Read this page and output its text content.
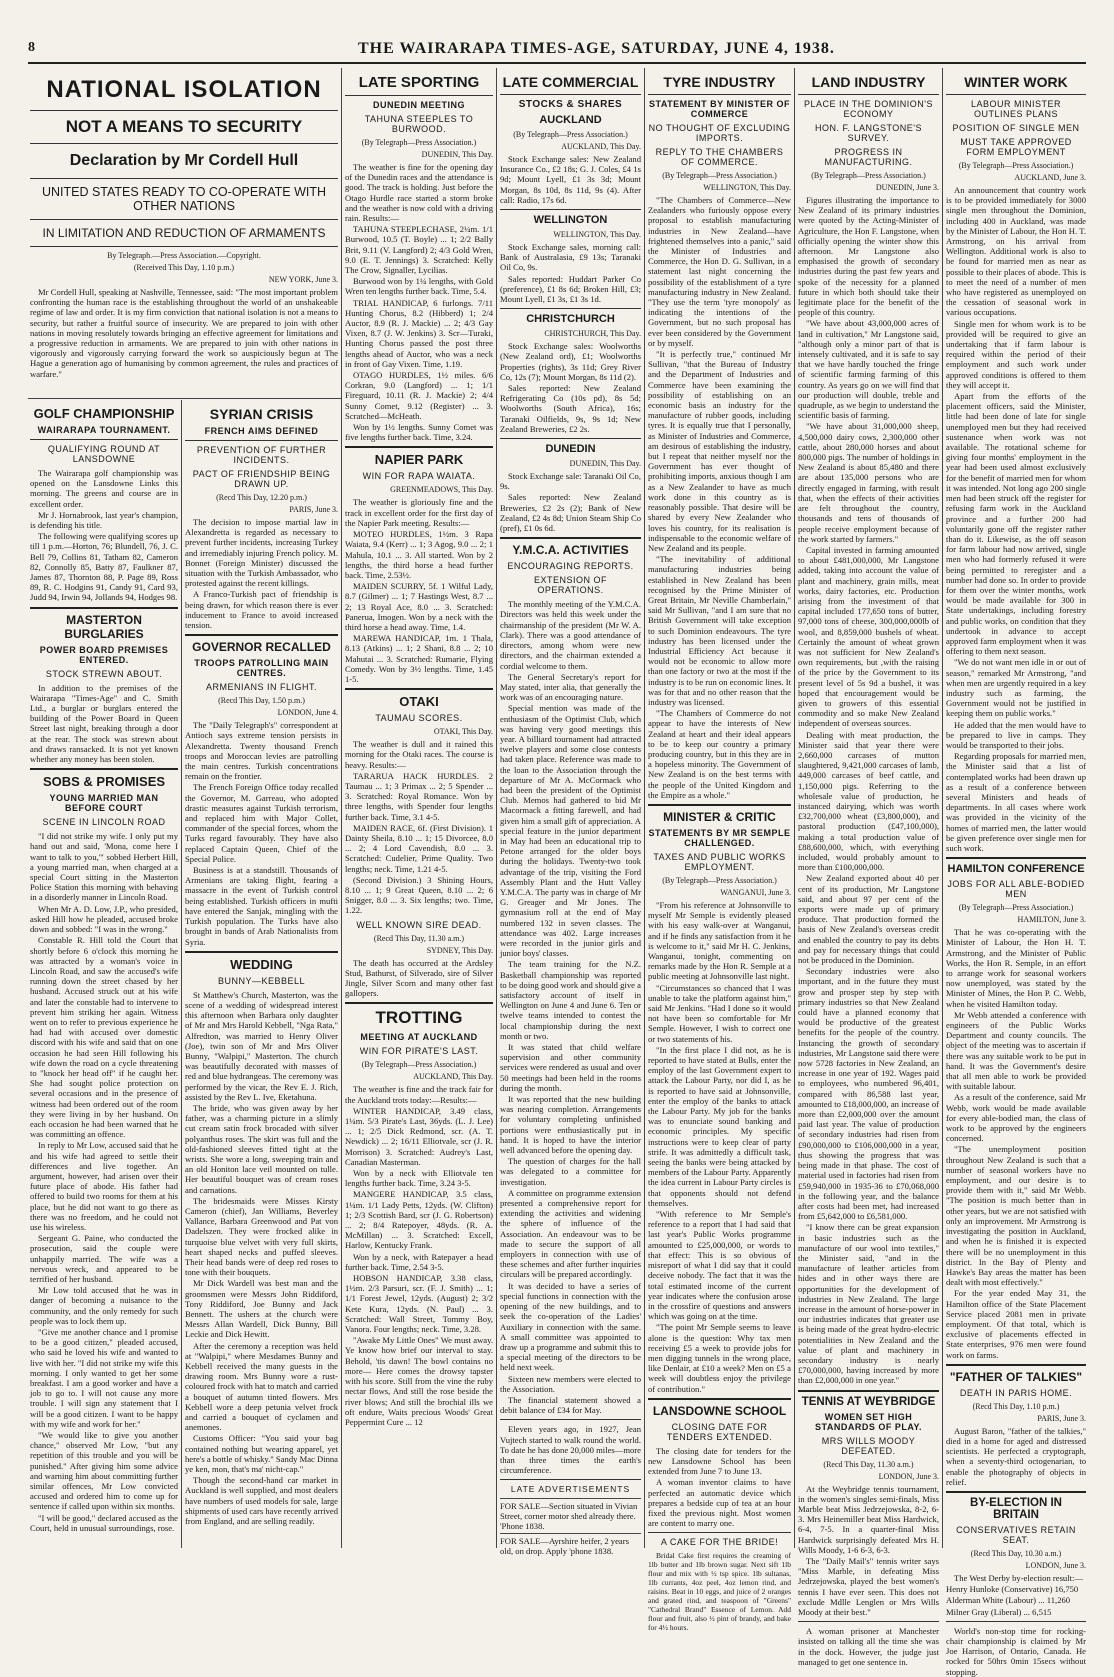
8	THE WAIRARAPA TIMES-AGE, SATURDAY, JUNE 4, 1938.
NATIONAL ISOLATION
NOT A MEANS TO SECURITY
Declaration by Mr Cordell Hull
UNITED STATES READY TO CO-OPERATE WITH OTHER NATIONS
IN LIMITATION AND REDUCTION OF ARMAMENTS
By Telegraph.—Press Association.—Copyright.
(Received This Day, 1.10 p.m.)
NEW YORK, June 3.

Mr Cordell Hull, speaking at Nashville, Tennessee, said: "The most important problem confronting the human race is the establishing throughout the world of an unshakeable regime of law and order. It is my firm conviction that national isolation is not a means to security, but rather a fruitful source of insecurity. We are prepared to join with other nations in moving resolutely towards bringing an effective agreement for limitations and a progressive reduction in armaments. We are prepared to join with other nations in vigorously and vigorously carrying forward the work so auspiciously begun at The Hague a generation ago of humanising by common agreement, the rules and practices of warfare."

GOLF CHAMPIONSHIP
WAIRARAPA TOURNAMENT.
QUALIFYING ROUND AT LANSDOWNE

The Wairarapa golf championship was opened on the Lansdowne Links this morning. The greens and course are in excellent order.

Mr J. Hornabrook, last year's champion, is defending his title.

The following were qualifying scores up till 1 p.m.—Horton, 76; Blundell, 76, J. C. Bell 79, Collins 81, Tatham 82, Cameron 82, Connolly 85, Batty 87, Faulkner 87, James 87, Thornton 88, P. Page 89, Ross 89, R. C. Hodgins 91, Candy 91, Card 93, Judd 94, Irwin 94, Jollands 94, Hodges 98.

MASTERTON BURGLARIES
POWER BOARD PREMISES ENTERED.
STOCK STREWN ABOUT.

In addition to the premises of the Wairarapa "Times-Age" and C. Smith Ltd., a burglar or burglars entered the building of the Power Board in Queen Street last night, breaking through a door at the rear. The stock was strewn about and draws ransacked. It is not yet known whether any money has been stolen.

SOBS & PROMISES
YOUNG MARRIED MAN BEFORE COURT
SCENE IN LINCOLN ROAD

"I did not strike my wife. I only put my hand out and said, 'Mona, come here I want to talk to you,'" sobbed Herbert Hill, a young married man, when charged at a special Court sitting in the Masterton Police Station this morning with behaving in a disorderly manner in Lincoln Road.

When Mr A. D. Low, J.P., who presided, asked Hill how he pleaded, accused broke down and sobbed: "I was in the wrong."

Constable R. Hill told the Court that shortly before 6 o'clock this morning he was attracted by a woman's voice in Lincoln Road, and saw the accused's wife running down the street chased by her husband. Accused struck out at his wife and later the constable had to intervene to prevent him striking her again. Witness went on to refer to previous experience he had had with accused over domestic discord with his wife and said that on one occasion he had seen Hill following his wife down the road on a cycle threatening to "knock her head off" if he caught her. She had sought police protection on several occasions and in the presence of witness had been ordered out of the room they were living in by her husband. On each occasion he had been warned that he was committing an offence.

In reply to Mr Low, accused said that he and his wife had agreed to settle their differences and live together. An argument, however, had arisen over their future place of abode. His father had offered to build two rooms for them at his place, but he did not want to go there as there was no freedom, and he could not use his wireless.

Sergeant G. Paine, who conducted the prosecution, said the couple were unhappily married. The wife was a nervous wreck, and appeared to be terrified of her husband.

Mr Low told accused that he was in danger of becoming a nuisance to the community, and the only remedy for such people was to lock them up.

"Give me another chance and I promise to be a good citizen," pleaded accused, who said he loved his wife and wanted to live with her. "I did not strike my wife this morning. I only wanted to get her some breakfast. I am a good worker and have a job to go to. I will not cause any more trouble. I will sign any statement that I will be a good citizen. I want to be happy with my wife and work for her."

"We would like to give you another chance," observed Mr Low, "but any repetition of this trouble and you will be punished." After giving him some advice and warning him about committing further similar offences, Mr Low convicted accused and ordered him to come up for sentence if called upon within six months.

"I will be good," declared accused as the Court, held in unusual surroundings, rose.

SYRIAN CRISIS
FRENCH AIMS DEFINED
PREVENTION OF FURTHER INCIDENTS.
PACT OF FRIENDSHIP BEING DRAWN UP.
(Recd This Day, 12.20 p.m.)
PARIS, June 3.

The decision to impose martial law in Alexandretta is regarded as necessary to prevent further incidents, increasing Turkey and irremediably injuring French policy. M. Bonnet (Foreign Minister) discussed the situation with the Turkish Ambassador, who protested against the recent killings.

A Franco-Turkish pact of friendship is being drawn, for which reason there is ever inducement to France to avoid increased tension.

GOVERNOR RECALLED
TROOPS PATROLLING MAIN CENTRES.
ARMENIANS IN FLIGHT.
(Recd This Day, 1.50 p.m.)
LONDON, June 4.

The "Daily Telegraph's" correspondent at Antioch says extreme tension persists in Alexandretta. Twenty thousand French troops and Moroccan levies are patrolling the main centres. Turkish concentrations remain on the frontier.

The French Foreign Office today recalled the Governor, M. Garreau, who adopted drastic measures against Turkish terrorism, and replaced him with Major Collet, commander of the special forces, whom the Turks regard favourably. They have also replaced Captain Queen, Chief of the Special Police.

Business is at a standstill. Thousands of Armenians are taking flight, fearing a massacre in the event of Turkish control being established. Turkish officers in mufti have entered the Sanjak, mingling with the Turkish population. The Turks have also brought in bands of Arab Nationalists from Syria.

WEDDING
BUNNY—KEBBELL

St Matthew's Church, Masterton, was the scene of a wedding of widespread interest this afternoon when Barbara only daughter of Mr and Mrs Harold Kebbell, "Nga Rata," Alfredton, was married to Henry Oliver (Joe), twin son of Mr and Mrs Oliver Bunny, "Walpipi," Masterton. The church was beautifully decorated with masses of red and blue hydrangeas. The ceremony was performed by the vicar, the Rev E. J. Rich, assisted by the Rev L. Ive, Eketahuna.

The bride, who was given away by her father, was a charming picture in a slimly cut cream satin frock brocaded with silver polyanthus roses. The skirt was full and the old-fashioned sleeves fitted tight at the wrists. She wore a long, sweeping train and an old Honiton lace veil mounted on tulle. Her beautiful bouquet was of cream roses and carnations.

The bridesmaids were Misses Kirsty Cameron (chief), Jan Williams, Beverley Vallance, Barbara Greenwood and Pat von Dadelszen. They were frocked alike in turquoise blue velvet with very full skirts, heart shaped necks and puffed sleeves. Their head bands were of deep red roses to tone with their bouquets.

Mr Dick Wardell was best man and the groomsmen were Messrs John Riddiford, Tony Riddiford, Joe Bunny and Jack Bennett. The ushers at the church were Messrs Allan Wardell, Dick Bunny, Bill Leckie and Dick Hewitt.

After the ceremony a reception was held at "Walpipi," where Mesdames Bunny and Kebbell received the many guests in the drawing room. Mrs Bunny wore a rust-coloured frock with hat to match and carried a bouquet of autumn tinted flowers. Mrs Kebbell wore a deep petunia velvet frock and carried a bouquet of cyclamen and anemones.

Customs Officer: "You said your bag contained nothing but wearing apparel, yet here's a bottle of whisky." Sandy Mac Dinna ye ken, mon, that's ma' nicht-cap."

Though the second-hand car market in Auckland is well supplied, and most dealers have numbers of used models for sale, large shipments of used cars have recently arrived from England, and are selling readily.

LATE SPORTING
DUNEDIN MEETING
TAHUNA STEEPLES TO BURWOOD.
(By Telegraph—Press Association.)
DUNEDIN, This Day.

The weather is fine for the opening day of the Dunedin races and the attendance is good. The track is holding. Just before the Otago Hurdle race started a storm broke and the weather is now cold with a driving rain. Results:—

TAHUNA STEEPLECHASE, 2¼m. 1/1 Burwood, 10.5 (T. Boyle) ... 1; 2/2 Bally Brit, 9.11 (V. Langford) 2; 4/3 Gold Wren, 9.0 (E. T. Jennings) 3. Scratched: Kelly The Crow, Signaller, Lycilias.

Burwood won by 1¼ lengths, with Gold Wren ten lengths further back. Time, 5.4.

TRIAL HANDICAP, 6 furlongs. 7/11 Hunting Chorus, 8.2 (Hibberd) 1; 2/4 Auctor, 8.9 (R. J. Mackie) ... 2; 4/3 Gay Vixen, 8.7 (J. W. Jenkins) 3. Scr—Turaki, Hunting Chorus passed the post three lengths ahead of Auctor, who was a neck in front of Gay Vixen. Time, 1.19.

OTAGO HURDLES, 1½ miles. 6/6 Corkran, 9.0 (Langford) ... 1; 1/1 Fireguard, 10.11 (R. J. Mackie) 2; 4/4 Sunny Comet, 9.12 (Register) ... 3. Scratched—McHeath.

Won by 1½ lengths. Sunny Comet was five lengths further back. Time, 3.24.

NAPIER PARK
WIN FOR RAPA WAIATA.
GREENMEADOWS, This Day.

The weather is gloriously fine and the track in excellent order for the first day of the Napier Park meeting. Results:—

MOTEO HURDLES, 1½m. 3 Rapa Waiata, 9.4 (Kerr) ... 1; 3 Agog, 9.0 ... 2; 1 Mahula, 10.1 ... 3. All started. Won by 2 lengths, the third horse a head further back. Time, 2.53½.

MAIDEN SCURRY, 5f. 1 Wilful Lady, 8.7 (Gilmer) ... 1; 7 Hastings West, 8.7 ... 2; 13 Royal Ace, 8.0 ... 3. Scratched: Panerua, Imogen. Won by a neck with the third horse a head away. Time, 1.4.

MAREWA HANDICAP, 1m. 1 Thala, 8.13 (Atkins) ... 1; 2 Shani, 8.8 ... 2; 10 Mahutai ... 3. Scratched: Rumarie, Flying Comedy. Won by 3½ lengths. Time, 1.45 1-5.

OTAKI
TAUMAU SCORES.
OTAKI, This Day.

The weather is dull and it rained this morning for the Otaki races. The course is heavy. Results:—

TARARUA HACK HURDLES. 2 Taumau ... 1; 3 Primax ... 2; 5 Spender ... 3. Scratched: Royal Romance. Won by three lengths, with Spender four lengths further back. Time, 3.1 4-5.

MAIDEN RACE, 6f. (First Division). 1 Dainty Sheila, 8.10 ... 1; 15 Divorcee, 8.0 ... 2; 4 Lord Cavendish, 8.0 ... 3. Scratched: Cudelier, Prime Quality. Two lengths; neck. Time, 1.21 4-5.

(Second Division.) 3 Shining Hours, 8.10 ... 1; 9 Great Queen, 8.10 ... 2; 6 Snigger, 8.0 ... 3. Six lengths; two. Time, 1.22.

WELL KNOWN SIRE DEAD.
(Recd This Day, 11.30 a.m.)
SYDNEY, This Day.

The death has occurred at the Ardsley Stud, Bathurst, of Silverado, sire of Silver Jingle, Silver Scorn and many other fast gallopers.

TROTTING
MEETING AT AUCKLAND
WIN FOR PIRATE'S LAST.
(By Telegraph—Press Association.)
AUCKLAND, This Day.

The weather is fine and the track fair for the Auckland trots today:—Results:—

WINTER HANDICAP, 3.49 class, 1¼m. 5/3 Pirate's Last, 36yds. (L. J. Lee) ... 1; 2/5 Dick Redmond, scr. (A. T. Newdick) ... 2; 16/11 Elliotvale, scr (J. R. Morrison) 3. Scratched: Audrey's Last, Canadian Masterman.

Won by a neck with Elliotvale ten lengths further back. Time, 3.24 3-5.

MANGERE HANDICAP, 3.5 class, 1¼m. 1/1 Lady Petts, 12yds. (W. Clifton) 1; 2/3 Scottish Bard, scr (J. G. Robertson) ... 2; 8/4 Ratepoyer, 48yds. (R. A. McMillan) ... 3. Scratched: Excell, Harlow, Kentucky Frank.

Won by a neck, with Ratepayer a head further back. Time, 2.54 3-5.

HOBSON HANDICAP, 3.38 class, 1½m. 2/3 Parsuri, scr. (F. J. Smith) ... 1; 1/1 Forest Jewel, 12yds. (August) 2; 3/2 Kete Kura, 12yds. (N. Paul) ... 3. Scratched: Wall Street, Tommy Boy, Vanora. Four lengths; neck. Time, 3.28.

"Awake My Little Ones" We must away. Ye know how brief our interval to stay. Behold, 'tis dawn! The bowl contains no more— Here comes the drowsy tapster with his score. Still from the vine the ruby nectar flows, And still the rose beside the river blows; And still the brochial ills we oft endure, Waits precious Woods' Great Peppermint Cure ... 12

LATE COMMERCIAL
STOCKS & SHARES
AUCKLAND
(By Telegraph—Press Association.)
AUCKLAND, This Day.

Stock Exchange sales: New Zealand Insurance Co., £2 18s; G. J. Coles, £4 1s 9d; Mount Lyell, £1 3s 3d; Mount Morgan, 8s 10d, 8s 11d, 9s (4). After call: Radio, 17s 6d.

WELLINGTON
WELLINGTON, This Day.

Stock Exchange sales, morning call: Bank of Australasia, £9 13s; Taranaki Oil Co, 9s.

Sales reported: Huddart Parker Co (preference), £1 8s 6d; Broken Hill, £3; Mount Lyell, £1 3s, £1 3s 1d.

CHRISTCHURCH
CHRISTCHURCH, This Day.

Stock Exchange sales: Woolworths (New Zealand ord), £1; Woolworths Properties (rights), 3s 11d; Grey River Co, 12s (7); Mount Morgan, 8s 11d (2).

Sales reported: New Zealand Refrigerating Co (10s pd), 8s 5d; Woolworths (South Africa), 16s; Taranaki Oilfields, 9s, 9s 1d; New Zealand Breweries, £2 2s.

DUNEDIN
DUNEDIN, This Day.

Stock Exchange sale: Taranaki Oil Co, 9s.

Sales reported: New Zealand Breweries, £2 2s (2); Bank of New Zealand, £2 4s 8d; Union Steam Ship Co (pref), £1 0s 6d.

Y.M.C.A. ACTIVITIES
ENCOURAGING REPORTS.
EXTENSION OF OPERATIONS.

The monthly meeting of the Y.M.C.A. Directors was held this week under the chairmanship of the president (Mr W. A. Clark). There was a good attendance of directors, among whom were new directors, and the chairman extended a cordial welcome to them.

The General Secretary's report for May stated, inter alia, that generally the work was of an encouraging nature.

Special mention was made of the enthusiasm of the Optimist Club, which was having very good meetings this year. A billiard tournament had attracted twelve players and some close contests had taken place. Reference was made to the loan to the Association through the departure of Mr A. McCormack who had been the president of the Optimist Club. Memos had gathered to bid Mr Macormack a fitting farewell, and had given him a small gift of appreciation. A special feature in the junior department in May had been an educational trip to Petone arranged for the older boys during the holidays. Twenty-two took advantage of the trip, visiting the Ford Assembly Plant and the Hutt Valley Y.M.C.A. The party was in charge of Mr G. Greager and Mr Jones. The gymnasium roll at the end of May numbered 132 in seven classes. The attendance was 402. Large increases were recorded in the junior girls and junior boys' classes.

The team training for the N.Z. Basketball championship was reported to be doing good work and should give a satisfactory account of itself in Wellington on June 4 and June 6. Ten or twelve teams intended to contest the local championship during the next month or two.

It was stated that child welfare supervision and other community services were rendered as usual and over 50 meetings had been held in the rooms during the month.

It was reported that the new building was nearing completion. Arrangements for voluntary completing unfinished portions were enthusiastically put in hand. It is hoped to have the interior well advanced before the opening day.

The question of charges for the hall was delegated to a committee for investigation.

A committee on programme extension presented a comprehensive report for extending the activities and widening the sphere of influence of the Association. An endeavour was to be made to secure the support of all employers in connection with use of these schemes and after further inquiries circulars will be prepared accordingly.

It was decided to have a series of special functions in connection with the opening of the new buildings, and to seek the co-operation of the Ladies' Auxiliary in connection with the same. A small committee was appointed to draw up a programme and submit this to a special meeting of the directors to be held next week.

Sixteen new members were elected to the Association.

The financial statement showed a debit balance of £34 for May.

Eleven years ago, in 1927, Jean Vujtech started to walk round the world. To date he has done 20,000 miles—more than three times the earth's circumference.

LATE ADVERTISEMENTS
FOR SALE—Section situated in Vivian Street, corner motor shed already there. 'Phone 1838.
FOR SALE—Ayrshire heifer, 2 years old, on drop. Apply 'phone 1838.
TYRE INDUSTRY
STATEMENT BY MINISTER OF COMMERCE
NO THOUGHT OF EXCLUDING IMPORTS.
REPLY TO THE CHAMBERS OF COMMERCE.
(By Telegraph—Press Association.)
WELLINGTON, This Day.

"The Chambers of Commerce—New Zealanders who furiously oppose every proposal to establish manufacturing industries in New Zealand—have frightened themselves into a panic," said the Minister of Industries and Commerce, the Hon D. G. Sullivan, in a statement last night concerning the possibility of the establishment of a tyre manufacturing industry in New Zealand. "They use the term 'tyre monopoly' as indicating the intentions of the Government, but no such proposal has ever been considered by the Government or by myself.

"It is perfectly true," continued Mr Sullivan, "that the Bureau of Industry and the Department of Industries and Commerce have been examining the possibility of establishing on an economic basis an industry for the manufacture of rubber goods, including tyres. It is equally true that I personally, as Minister of Industries and Commerce, am desirous of establishing the industry, but I repeat that neither myself nor the Government has ever thought of prohibiting imports, anxious though I am as a New Zealander to have as much work done in this country as is reasonably possible. That desire will be shared by every New Zealander who loves his country, for its realisation is indispensable to the economic welfare of New Zealand and its people.

"The inevitability of additional manufacturing industries being established in New Zealand has been recognised by the Prime Minister of Great Britain, Mr Neville Chamberlain," said Mr Sullivan, "and I am sure that no British Government will take exception to such Dominion endeavours. The tyre industry has been licensed under the Industrial Efficiency Act because it would not be economic to allow more than one factory or two at the most if the industry is to be run on economic lines. It was for that and no other reason that the industry was licensed.

"The Chambers of Commerce do not appear to have the interests of New Zealand at heart and their ideal appears to be to keep our country a primary producing country, but in this they are in a hopeless minority. The Government of New Zealand is on the best terms with the people of the United Kingdom and the Empire as a whole."

MINISTER & CRITIC
STATEMENTS BY MR SEMPLE CHALLENGED.
TAXES AND PUBLIC WORKS EMPLOYMENT.
(By Telegraph—Press Association.)
WANGANUI, June 3.

"From his reference at Johnsonville to myself Mr Semple is evidently pleased with his easy walk-over at Wanganui, and if he finds any satisfaction from it he is welcome to it," said Mr H. C. Jenkins, Wanganui, tonight, commenting on remarks made by the Hon R. Semple at a public meeting at Johnsonville last night.

"Circumstances so chanced that I was unable to take the platform against him," said Mr Jenkins. "Had I done so it would not have been so comfortable for Mr Semple. However, I wish to correct one or two statements of his.

"In the first place I did not, as he is reported to have stated at Bulls, enter the employ of the last Government expert to attack the Labour Party, nor did I, as he is reported to have said at Johnsonville, enter the employ of the banks to attack the Labour Party. My job for the banks was to enunciate sound banking and economic principles. My specific instructions were to keep clear of party strife. It was admittedly a difficult task, seeing the banks were being attacked by members of the Labour Party. Apparently the idea current in Labour Party circles is that opponents should not defend themselves.

"With reference to Mr Semple's reference to a report that I had said that last year's Public Works programme amounted to £25,000,000, or words to that effect: This is so obvious of misreport of what I did say that it could deceive nobody. The fact that it was the total estimated income of the current year indicates where the confusion arose in the crossfire of questions and answers which was going on at the time.

"The point Mr Semple seems to leave alone is the question: Why tax men receiving £5 a week to provide jobs for men digging tunnels in the wrong place, like Denlair, at £10 a week? Men on £5 a week will doubtless enjoy the privilege of contribution."

LANSDOWNE SCHOOL
CLOSING DATE FOR TENDERS EXTENDED.

The closing date for tenders for the new Lansdowne School has been extended from June 7 to June 13.

A woman inventor claims to have perfected an automatic device which prepares a bedside cup of tea at an hour fixed the previous night. Most women are content to marry one.

A CAKE FOR THE BRIDE!

Bridal Cake first requires the creaming of 1lb butter and 1lb brown sugar. Next sift 1lb flour and mix with ½ tsp spice. 1lb sultanas, 1lb currants, 4oz peel, 4oz lemon rind, and raisins. Beat in 10 eggs, and juice of 2 oranges and grated rind, and teaspoon of "Greens" "Cathedral Brand" Essence of Lemon. Add flour and fruit, also ½ pint of brandy, and bake for 4½ hours.

LAND INDUSTRY
PLACE IN THE DOMINION'S ECONOMY
HON. F. LANGSTONE'S SURVEY.
PROGRESS IN MANUFACTURING.
(By Telegraph—Press Association.)
DUNEDIN, June 3.

Figures illustrating the importance to New Zealand of its primary industries were quoted by the Acting-Minister of Agriculture, the Hon F. Langstone, when officially opening the winter show this afternoon. Mr Langstone also emphasised the growth of secondary industries during the past few years and spoke of the necessity for a planned future in which both should take their legitimate place for the benefit of the people of this country.

"We have about 43,000,000 acres of land in cultivation," Mr Langstone said, "although only a minor part of that is intensely cultivated, and it is safe to say that we have hardly touched the fringe of scientific farming farming of this country. As years go on we will find that our production will double, treble and quadruple, as we begin to understand the scientific basis of farming.

"We have about 31,000,000 sheep, 4,500,000 dairy cows, 2,300,000 other cattle, about 280,000 horses and about 800,000 pigs. The number of holdings in New Zealand is about 85,480 and there are about 135,000 persons who are directly engaged in farming, with result that, when the effects of their activities are felt throughout the country, thousands and tens of thousands of people receive employment because of the work started by farmers."

Capital invested in farming amounted to about £481,000,000, Mr Langstone added, taking into account the value of plant and machinery, grain mills, meat works, dairy factories, etc. Production arising from the investment of that capital included 177,650 tons of butter, 97,000 tons of cheese, 300,000,000lb of wool, and 8,859,000 bushels of wheat. Certainly the amount of wheat grown was not sufficient for New Zealand's own requirements, but ,with the raising of the price by the Government to its present level of 5s 9d a bushel, it was hoped that encouragement would be given to growers of this essential commodity and so make New Zealand independent of overseas sources.

Dealing with meat production, the Minister said that year there were 2,660,000 carcases of mutton slaughtered, 9,421,000 carcases of lamb, 449,000 carcases of beef cattle, and 1,150,000 pigs. Referring to the wholesale value of production, he instanced dairying, which was worth £32,700,000 wheat (£3,800,000), and pastoral production (£47,100,000), making a total production value of £88,600,000, which, with everything included, would probably amount to more than £100,000,000.

New Zealand exported about 40 per cent of its production, Mr Langstone said, and about 97 per cent of the exports were made up of primary produce. That production formed the basis of New Zealand's overseas credit and enabled the country to pay its debts and pay for necessary things that could not be produced in the Dominion.

Secondary industries were also important, and in the future they must grow and prosper step by step with primary industries so that New Zealand could have a planned economy that would be productive of the greatest benefits for the people of the country. Instancing the growth of secondary industries, Mr Langstone said there were now 5728 factories in New Zealand, an increase in one year of 192. Wages paid to employees, who numbered 96,401, compared with 86,588 last year, amounted to £18,000,000, an increase of more than £2,000,000 over the amount paid last year. The value of production of secondary industries had risen from £90,000,000 to £106,000,000 in a year, thus showing the progress that was being made in that phase. The cost of material used in factories had risen from £59,940,000 in 1935-36 to £70,068,000 in the following year, and the balance after costs had been met, had increased from £5,642,000 to £6,581,000.

"I know there can be great expansion in basic industries such as the manufacture of our wool into textiles," the Minister said, "and in the manufacture of leather articles from hides and in other ways there are opportunities for the development of industries in New Zealand. The large increase in the amount of horse-power in our industries indicates that greater use is being made of the great hydro-electric potentialities in New Zealand and the value of plant and machinery in secondary industry is nearly £70,000,000, having increased by more than £2,000,000 in one year."

TENNIS AT WEYBRIDGE
WOMEN SET HIGH STANDARDS OF PLAY.
MRS WILLS MOODY DEFEATED.
(Recd This Day, 11.30 a.m.)
LONDON, June 3.

At the Weybridge tennis tournament, in the women's singles semi-finals, Miss Marble beat Miss Jedrzejowska, 8-2, 6-3. Mrs Heinemiller beat Miss Hardwick, 6-4, 7-5. In a quarter-final Miss Hardwick surprisingly defeated Mrs H. Wills Moody, 1-6 6-3, 6-3.

The "Daily Mail's" tennis writer says "Miss Marble, in defeating Miss Jedrzejowska, played the best women's tennis I have ever seen. This does not exclude Mdlle Lenglen or Mrs Wills Moody at their best."

A woman prisoner at Manchester insisted on talking all the time she was in the dock. However, the judge just managed to get one sentence in.

WINTER WORK
LABOUR MINISTER OUTLINES PLANS
POSITION OF SINGLE MEN
MUST TAKE APPROVED FORM EMPLOYMENT
(By Telegraph—Press Association.)
AUCKLAND, June 3.

An announcement that country work is to be provided immediately for 3000 single men throughout the Dominion, including 400 in Auckland, was made by the Minister of Labour, the Hon H. T. Armstrong, on his arrival from Wellington. Additional work is also to be found for married men as near as possible to their places of abode. This is to meet the need of a number of men who have registered as unemployed on the cessation of seasonal work in various occupations.

Single men for whom work is to be provided will be required to give an undertaking that if farm labour is required within the period of their employment and such work under approved conditions is offered to them they will accept it.

Apart from the efforts of the placement officers, said the Minister, little had been done of late for single unemployed men but they had received sustenance when work was not available. The rotational scheme for giving four months' employment in the year had been used almost exclusively for the benefit of married men for whom it was intended. Not long ago 200 single men had been struck off the register for refusing farm work in the Auckland province and a further 200 had voluntarily gone off the register rather than do it. Likewise, as the off season for farm labour had now arrived, single men who had formerly refused it were being permitted to reregister and a number had done so. In order to provide for them over the winter months, work would be made available for 300 in State undertakings, including forestry and public works, on condition that they undertook in advance to accept approved farm employment when it was offering to them next season.

"We do not want men idle in or out of season," remarked Mr Armstrong, "and when men are urgently required in a key industry such as farming, the Government would not be justified in keeping them on public works."

He added that the men would have to be prepared to live in camps. They would be transported to their jobs.

Regarding proposals for married men, the Minister said that a list of contemplated works had been drawn up as a result of a conference between several Ministers and heads of departments. In all cases where work was provided in the vicinity of the homes of married men, the latter would be given preference over single men for such work.

HAMILTON CONFERENCE
JOBS FOR ALL ABLE-BODIED MEN
(By Telegraph—Press Association.)
HAMILTON, June 3.

That he was co-operating with the Minister of Labour, the Hon H. T. Armstrong, and the Minister of Public Works, the Hon R. Semple, in an effort to arrange work for seasonal workers now unemployed, was stated by the Minister of Mines, the Hon P. C. Webb, when he visited Hamilton today.

Mr Webb attended a conference with engineers of the Public Works Department and county councils. The object of the meeting was to ascertain if there was any suitable work to be put in hand. It was the Government's desire that all men able to work be provided with suitable labour.

As a result of the conference, said Mr Webb, work would be made available for every able-bodied man, the class of work to be approved by the engineers concerned.

"The unemployment position throughout New Zealand is such that a number of seasonal workers have no employment, and our desire is to provide them with it," said Mr Webb. "The position is much better than in other years, but we are not satisfied with only an improvement. Mr Armstrong is investigating the position in Auckland, and when he is finished it is expected there will be no unemployment in this district. In the Bay of Plenty and Hawke's Bay areas the matter has been dealt with most effectively."

For the year ended May 31, the Hamilton office of the State Placement Service placed 2081 men in private employment. Of that total, which is exclusive of placements effected in State enterprises, 976 men were found work on farms.

"FATHER OF TALKIES"
DEATH IN PARIS HOME.
(Recd This Day, 1.10 p.m.)
PARIS, June 3.

August Baron, "father of the talkies," died in a home for aged and distressed scientists. He perfected a cryptograph, when a seventy-third octogenarian, to enable the photography of objects in relief.

BY-ELECTION IN BRITAIN
CONSERVATIVES RETAIN SEAT.
(Recd This Day, 10.30 a.m.)
LONDON, June 3.

The West Derby by-election result:—

Henry Hunloke (Conservative) 16,750

Alderman White (Labour) ... 11,260

Milner Gray (Liberal) ... 6,515

World's non-stop time for rocking-chair championship is claimed by Mr Joe Harrison, of Ontario, Canada. He rocked for 50hrs 0min 15secs without stopping.
